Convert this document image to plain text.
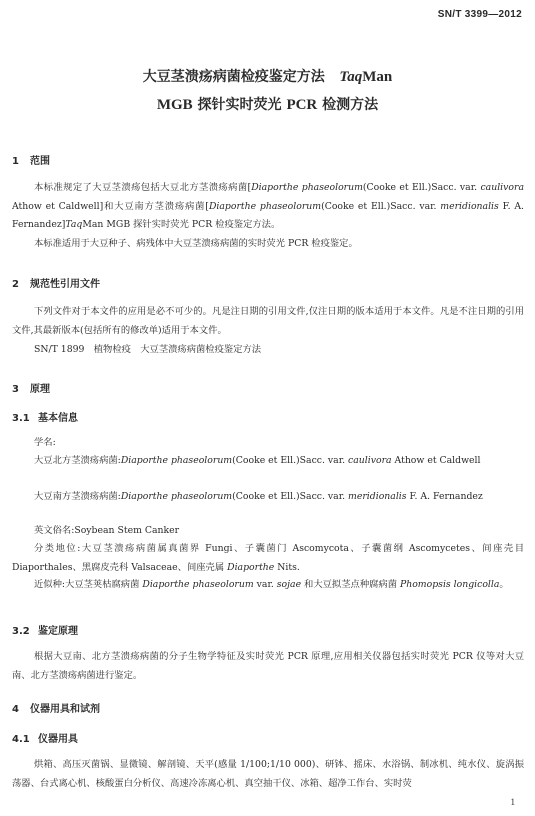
SN/T 3399—2012
大豆茎溃疡病菌检疫鉴定方法 TaqMan
MGB 探针实时荧光 PCR 检测方法
1 范围
本标准规定了大豆茎溃疡包括大豆北方茎溃疡病菌[Diaporthe phaseolorum(Cooke et Ell.)Sacc. var. caulivora Athow et Caldwell]和大豆南方茎溃疡病菌[Diaporthe phaseolorum(Cooke et Ell.)Sacc. var. meridionalis F. A. Fernandez]TaqMan MGB 探针实时荧光 PCR 检疫鉴定方法。
本标准适用于大豆种子、病残体中大豆茎溃疡病菌的实时荧光 PCR 检疫鉴定。
2 规范性引用文件
下列文件对于本文件的应用是必不可少的。凡是注日期的引用文件,仅注日期的版本适用于本文件。凡是不注日期的引用文件,其最新版本(包括所有的修改单)适用于本文件。
SN/T 1899　植物检疫　大豆茎溃疡病菌检疫鉴定方法
3 原理
3.1 基本信息
学名:
大豆北方茎溃疡病菌:Diaporthe phaseolorum(Cooke et Ell.)Sacc. var. caulivora Athow et Caldwell
大豆南方茎溃疡病菌:Diaporthe phaseolorum(Cooke et Ell.)Sacc. var. meridionalis F. A. Fernandez
英文俗名:Soybean Stem Canker
分类地位:大豆茎溃疡病菌属真菌界 Fungi、子囊菌门 Ascomycota、子囊菌纲 Ascomycetes、间座壳目 Diaporthales、黑腐皮壳科 Valsaceae、间座壳属 Diaporthe Nits.
近似种:大豆茎荚枯腐病菌 Diaporthe phaseolorum var. sojae 和大豆拟茎点种腐病菌 Phomopsis longicolla。
3.2 鉴定原理
根据大豆南、北方茎溃疡病菌的分子生物学特征及实时荧光 PCR 原理,应用相关仪器包括实时荧光 PCR 仪等对大豆南、北方茎溃疡病菌进行鉴定。
4 仪器用具和试剂
4.1 仪器用具
烘箱、高压灭菌锅、显微镜、解剖镜、天平(感量 1/100;1/10 000)、研钵、摇床、水浴锅、制冰机、纯水仪、旋涡振荡器、台式离心机、核酸蛋白分析仪、高速冷冻离心机、真空抽干仪、冰箱、超净工作台、实时荧
1
